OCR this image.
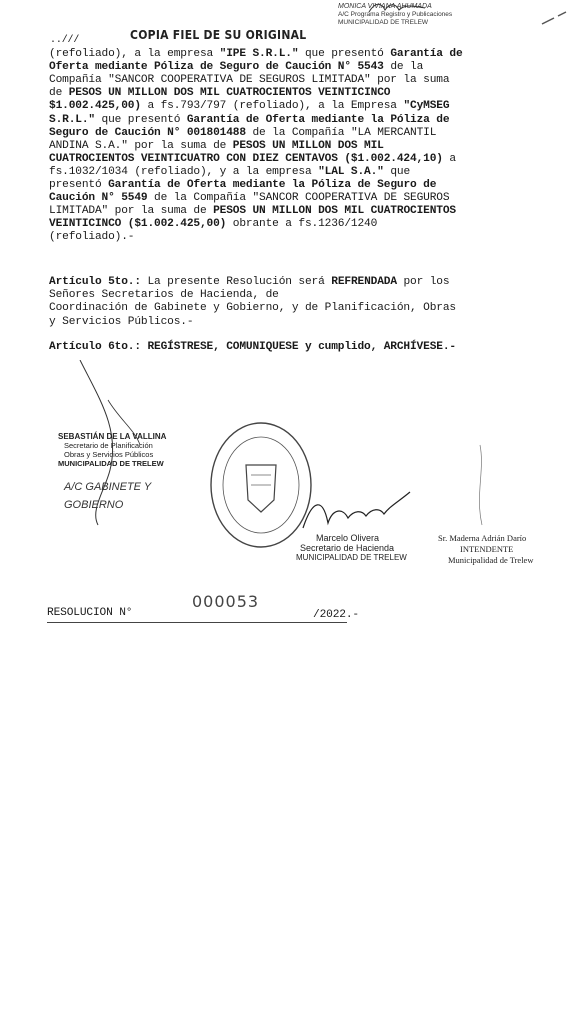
..///	COPIA FIEL DE SU ORIGINAL
MONICA VIVIANA AHUMADA
A/C Programa Registro y Publicaciones
MUNICIPALIDAD DE TRELEW
(refoliado), a la empresa "IPE S.R.L." que presentó Garantía de
Oferta mediante Póliza de Seguro de Caución N° 5543 de la
Compañía "SANCOR COOPERATIVA DE SEGUROS LIMITADA" por la suma
de PESOS UN MILLON DOS MIL CUATROCIENTOS VEINTICINCO
$1.002.425,00) a fs.793/797 (refoliado), a la Empresa "CyMSEG
S.R.L." que presentó Garantía de Oferta mediante la Póliza de
Seguro de Caución N° 001801488 de la Compañía "LA MERCANTIL
ANDINA S.A." por la suma de PESOS UN MILLON DOS MIL
CUATROCIENTOS VEINTICUATRO CON DIEZ CENTAVOS ($1.002.424,10) a
fs.1032/1034 (refoliado), y a la empresa "LAL S.A." que
presentó Garantía de Oferta mediante la Póliza de Seguro de
Caución N° 5549 de la Compañía "SANCOR COOPERATIVA DE SEGUROS
LIMITADA" por la suma de PESOS UN MILLON DOS MIL CUATROCIENTOS
VEINTICINCO ($1.002.425,00) obrante a fs.1236/1240
(refoliado).-
Artículo 5to.: La presente Resolución será REFRENDADA por los
Señores Secretarios de Hacienda, de
Coordinación de Gabinete y Gobierno, y de Planificación, Obras
y Servicios Públicos.-
Artículo 6to.: REGÍSTRESE, COMUNIQUESE y cumplido, ARCHÍVESE.-
SEBASTIÁN DE LA VALLINA
Secretario de Planificación
Obras y Servicios Públicos
MUNICIPALIDAD DE TRELEW
A/C GABINETE Y GOBIERNO
Marcelo Olivera
Secretario de Hacienda
MUNICIPALIDAD DE TRELEW
Sr. Maderna Adrián Darío
INTENDENTE
Municipalidad de Trelew
RESOLUCION N°
000053
/2022.-
